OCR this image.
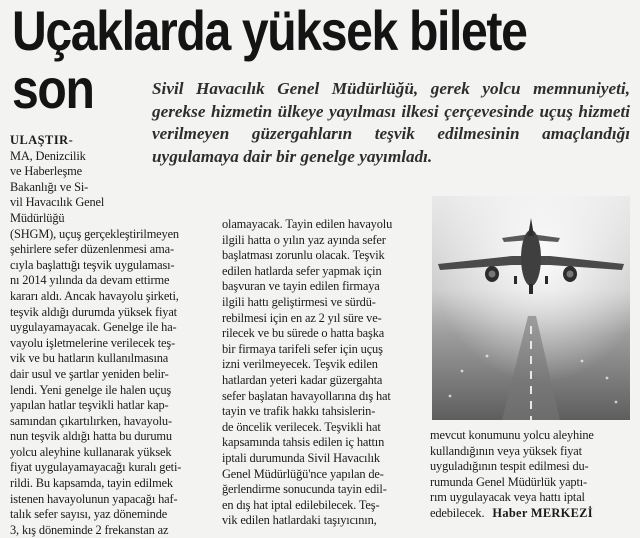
Uçaklarda yüksek bilete
son	Sivil Havacılık Genel Müdürlüğü, gerek yolcu memnuniyeti, gerekse hizmetin ülkeye yayılması ilkesi çerçevesinde uçuş hizmeti verilmeyen güzergahların teşvik edilmesinin amaçlandığı uygulamaya dair bir genelge yayımladı.

ULAŞTIR-
MA, Denizcilik
ve Haberleşme
Bakanlığı ve Si-
vil Havacılık Genel
Müdürlüğü
(SHGM), uçuş gerçekleştirilmeyen
şehirlere sefer düzenlenmesi ama-
cıyla başlattığı teşvik uygulaması-
nı 2014 yılında da devam ettirme
kararı aldı. Ancak havayolu şirketi,
teşvik aldığı durumda yüksek fiyat
uygulayamayacak. Genelge ile ha-
vayolu işletmelerine verilecek teş-
vik ve bu hatların kullanılmasına
dair usul ve şartlar yeniden belir-
lendi. Yeni genelge ile halen uçuş
yapılan hatlar teşvikli hatlar kap-
samından çıkartılırken, havayolu-
nun teşvik aldığı hatta bu durumu
yolcu aleyhine kullanarak yüksek
fiyat uygulayamayacağı kuralı geti-
rildi. Bu kapsamda, tayin edilmek
istenen havayolunun yapacağı haf-
talık sefer sayısı, yaz döneminde
3, kış döneminde 2 frekanstan az
olamayacak. Tayin edilen havayolu
ilgili hatta o yılın yaz ayında sefer
başlatması zorunlu olacak. Teşvik
edilen hatlarda sefer yapmak için
başvuran ve tayin edilen firmaya
ilgili hattı geliştirmesi ve sürdü-
rebilmesi için en az 2 yıl süre ve-
rilecek ve bu sürede o hatta başka
bir firmaya tarifeli sefer için uçuş
izni verilmeyecek. Teşvik edilen
hatlardan yeteri kadar güzergahta
sefer başlatan havayollarına dış hat
tayin ve trafik hakkı tahsislerin-
de öncelik verilecek. Teşvikli hat
kapsamında tahsis edilen iç hattın
iptali durumunda Sivil Havacılık
Genel Müdürlüğü'nce yapılan de-
ğerlendirme sonucunda tayin edil-
en dış hat iptal edilebilecek. Teş-
vik edilen hatlardaki taşıyıcının,
mevcut konumunu yolcu aleyhine
kullandığının veya yüksek fiyat
uyguladığının tespit edilmesi du-
rumunda Genel Müdürlük yaptı-
rım uygulayacak veya hattı iptal
edebilecek. Haber MERKEZİ
